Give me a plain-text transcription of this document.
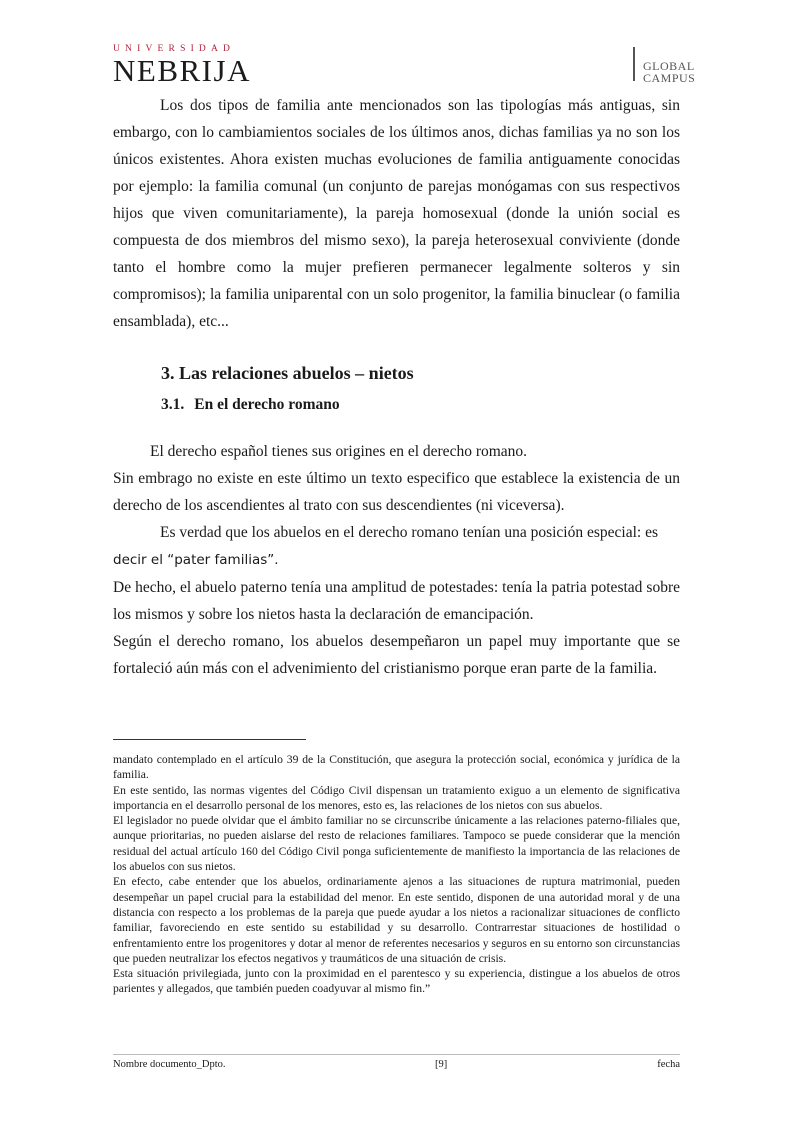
UNIVERSIDAD
NEBRIJA	GLOBAL
CAMPUS

Los dos tipos de familia ante mencionados son las tipologías más antiguas, sin embargo, con lo cambiamientos sociales de los últimos anos, dichas familias ya no son los únicos existentes. Ahora existen muchas evoluciones de familia antiguamente conocidas por ejemplo: la familia comunal (un conjunto de parejas monógamas con sus respectivos hijos que viven comunitariamente), la pareja homosexual (donde la unión social es compuesta de dos miembros del mismo sexo), la pareja heterosexual conviviente (donde tanto el hombre como la mujer prefieren permanecer legalmente solteros y sin compromisos); la familia uniparental con un solo progenitor, la familia binuclear (o familia ensamblada), etc...

3. Las relaciones abuelos – nietos
3.1. En el derecho romano

El derecho español tienes sus origines en el derecho romano.

Sin embrago no existe en este último un texto especifico que establece la existencia de un derecho de los ascendientes al trato con sus descendientes (ni viceversa).

Es verdad que los abuelos en el derecho romano tenían una posición especial: es

decir el “pater familias”.

De hecho, el abuelo paterno tenía una amplitud de potestades: tenía la patria potestad sobre los mismos y sobre los nietos hasta la declaración de emancipación.

Según el derecho romano, los abuelos desempeñaron un papel muy importante que se fortaleció aún más con el advenimiento del cristianismo porque eran parte de la familia.

mandato contemplado en el artículo 39 de la Constitución, que asegura la protección social, económica y jurídica de la familia.

En este sentido, las normas vigentes del Código Civil dispensan un tratamiento exiguo a un elemento de significativa importancia en el desarrollo personal de los menores, esto es, las relaciones de los nietos con sus abuelos.

El legislador no puede olvidar que el ámbito familiar no se circunscribe únicamente a las relaciones paterno-filiales que, aunque prioritarias, no pueden aislarse del resto de relaciones familiares. Tampoco se puede considerar que la mención residual del actual artículo 160 del Código Civil ponga suficientemente de manifiesto la importancia de las relaciones de los abuelos con sus nietos.

En efecto, cabe entender que los abuelos, ordinariamente ajenos a las situaciones de ruptura matrimonial, pueden desempeñar un papel crucial para la estabilidad del menor. En este sentido, disponen de una autoridad moral y de una distancia con respecto a los problemas de la pareja que puede ayudar a los nietos a racionalizar situaciones de conflicto familiar, favoreciendo en este sentido su estabilidad y su desarrollo. Contrarrestar situaciones de hostilidad o enfrentamiento entre los progenitores y dotar al menor de referentes necesarios y seguros en su entorno son circunstancias que pueden neutralizar los efectos negativos y traumáticos de una situación de crisis.

Esta situación privilegiada, junto con la proximidad en el parentesco y su experiencia, distingue a los abuelos de otros parientes y allegados, que también pueden coadyuvar al mismo fin.”

Nombre documento_Dpto.	[9]	fecha
